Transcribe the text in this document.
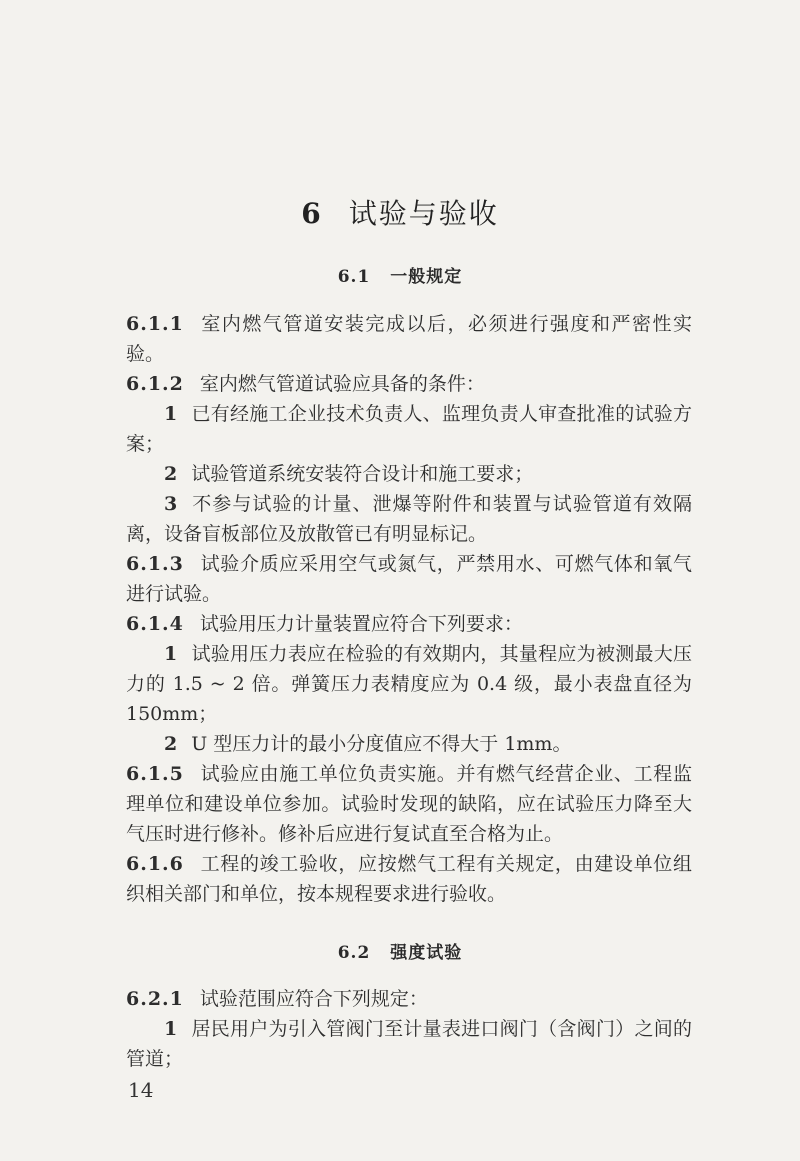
6 试验与验收
6.1 一般规定

6.1.1 室内燃气管道安装完成以后，必须进行强度和严密性实验。

6.1.2 室内燃气管道试验应具备的条件：

1 已有经施工企业技术负责人、监理负责人审查批准的试验方案；

2 试验管道系统安装符合设计和施工要求；

3 不参与试验的计量、泄爆等附件和装置与试验管道有效隔离，设备盲板部位及放散管已有明显标记。

6.1.3 试验介质应采用空气或氮气，严禁用水、可燃气体和氧气进行试验。

6.1.4 试验用压力计量装置应符合下列要求：

1 试验用压力表应在检验的有效期内，其量程应为被测最大压力的 1.5 ~ 2 倍。弹簧压力表精度应为 0.4 级，最小表盘直径为 150mm；

2 U 型压力计的最小分度值应不得大于 1mm。

6.1.5 试验应由施工单位负责实施。并有燃气经营企业、工程监理单位和建设单位参加。试验时发现的缺陷，应在试验压力降至大气压时进行修补。修补后应进行复试直至合格为止。

6.1.6 工程的竣工验收，应按燃气工程有关规定，由建设单位组织相关部门和单位，按本规程要求进行验收。

6.2 强度试验

6.2.1 试验范围应符合下列规定：

1 居民用户为引入管阀门至计量表进口阀门（含阀门）之间的管道；

14
